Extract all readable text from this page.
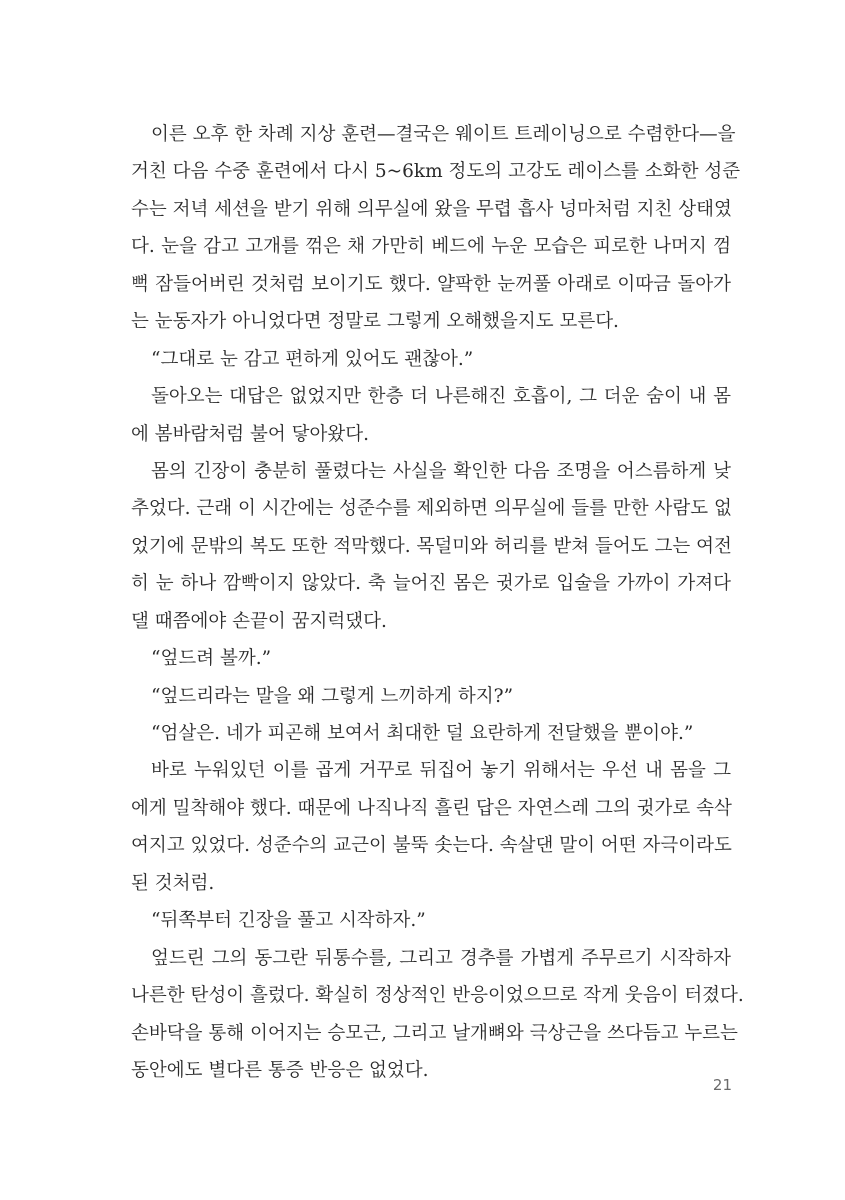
이른 오후 한 차례 지상 훈련—결국은 웨이트 트레이닝으로 수렴한다—을
거친 다음 수중 훈련에서 다시 5~6km 정도의 고강도 레이스를 소화한 성준
수는 저녁 세션을 받기 위해 의무실에 왔을 무렵 흡사 넝마처럼 지친 상태였
다. 눈을 감고 고개를 꺾은 채 가만히 베드에 누운 모습은 피로한 나머지 껌
뻑 잠들어버린 것처럼 보이기도 했다. 얄팍한 눈꺼풀 아래로 이따금 돌아가
는 눈동자가 아니었다면 정말로 그렇게 오해했을지도 모른다.
“그대로 눈 감고 편하게 있어도 괜찮아.”
돌아오는 대답은 없었지만 한층 더 나른해진 호흡이, 그 더운 숨이 내 몸
에 봄바람처럼 불어 닿아왔다.
몸의 긴장이 충분히 풀렸다는 사실을 확인한 다음 조명을 어스름하게 낮
추었다. 근래 이 시간에는 성준수를 제외하면 의무실에 들를 만한 사람도 없
었기에 문밖의 복도 또한 적막했다. 목덜미와 허리를 받쳐 들어도 그는 여전
히 눈 하나 깜빡이지 않았다. 축 늘어진 몸은 귓가로 입술을 가까이 가져다
댈 때쯤에야 손끝이 꿈지럭댔다.
“엎드려 볼까.”
“엎드리라는 말을 왜 그렇게 느끼하게 하지?”
“엄살은. 네가 피곤해 보여서 최대한 덜 요란하게 전달했을 뿐이야.”
바로 누워있던 이를 곱게 거꾸로 뒤집어 놓기 위해서는 우선 내 몸을 그
에게 밀착해야 했다. 때문에 나직나직 흘린 답은 자연스레 그의 귓가로 속삭
여지고 있었다. 성준수의 교근이 불뚝 솟는다. 속살댄 말이 어떤 자극이라도
된 것처럼.
“뒤쪽부터 긴장을 풀고 시작하자.”
엎드린 그의 동그란 뒤통수를, 그리고 경추를 가볍게 주무르기 시작하자
나른한 탄성이 흘렀다. 확실히 정상적인 반응이었으므로 작게 웃음이 터졌다.
손바닥을 통해 이어지는 승모근, 그리고 날개뼈와 극상근을 쓰다듬고 누르는
동안에도 별다른 통증 반응은 없었다.
21
